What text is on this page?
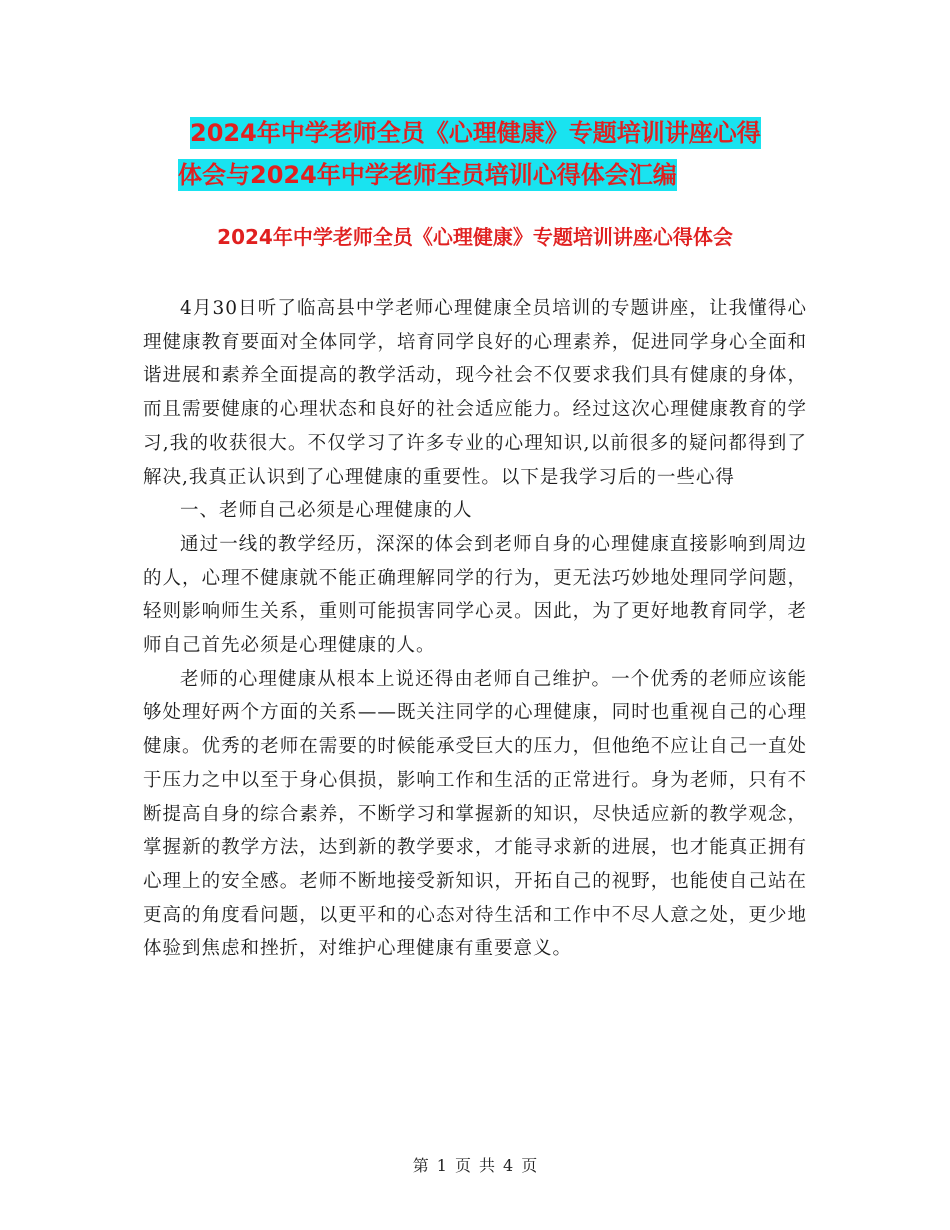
2024年中学老师全员《心理健康》专题培训讲座心得
体会与2024年中学老师全员培训心得体会汇编
2024年中学老师全员《心理健康》专题培训讲座心得体会

4月30日听了临高县中学老师心理健康全员培训的专题讲座，让我懂得心理健康教育要面对全体同学，培育同学良好的心理素养，促进同学身心全面和谐进展和素养全面提高的教学活动，现今社会不仅要求我们具有健康的身体，而且需要健康的心理状态和良好的社会适应能力。经过这次心理健康教育的学习,我的收获很大。不仅学习了许多专业的心理知识,以前很多的疑问都得到了解决,我真正认识到了心理健康的重要性。以下是我学习后的一些心得

一、老师自己必须是心理健康的人

通过一线的教学经历，深深的体会到老师自身的心理健康直接影响到周边的人，心理不健康就不能正确理解同学的行为，更无法巧妙地处理同学问题，轻则影响师生关系，重则可能损害同学心灵。因此，为了更好地教育同学，老师自己首先必须是心理健康的人。

老师的心理健康从根本上说还得由老师自己维护。一个优秀的老师应该能够处理好两个方面的关系——既关注同学的心理健康，同时也重视自己的心理健康。优秀的老师在需要的时候能承受巨大的压力，但他绝不应让自己一直处于压力之中以至于身心俱损，影响工作和生活的正常进行。身为老师，只有不断提高自身的综合素养，不断学习和掌握新的知识，尽快适应新的教学观念，掌握新的教学方法，达到新的教学要求，才能寻求新的进展，也才能真正拥有心理上的安全感。老师不断地接受新知识，开拓自己的视野，也能使自己站在更高的角度看问题，以更平和的心态对待生活和工作中不尽人意之处，更少地体验到焦虑和挫折，对维护心理健康有重要意义。

第 1 页 共 4 页
